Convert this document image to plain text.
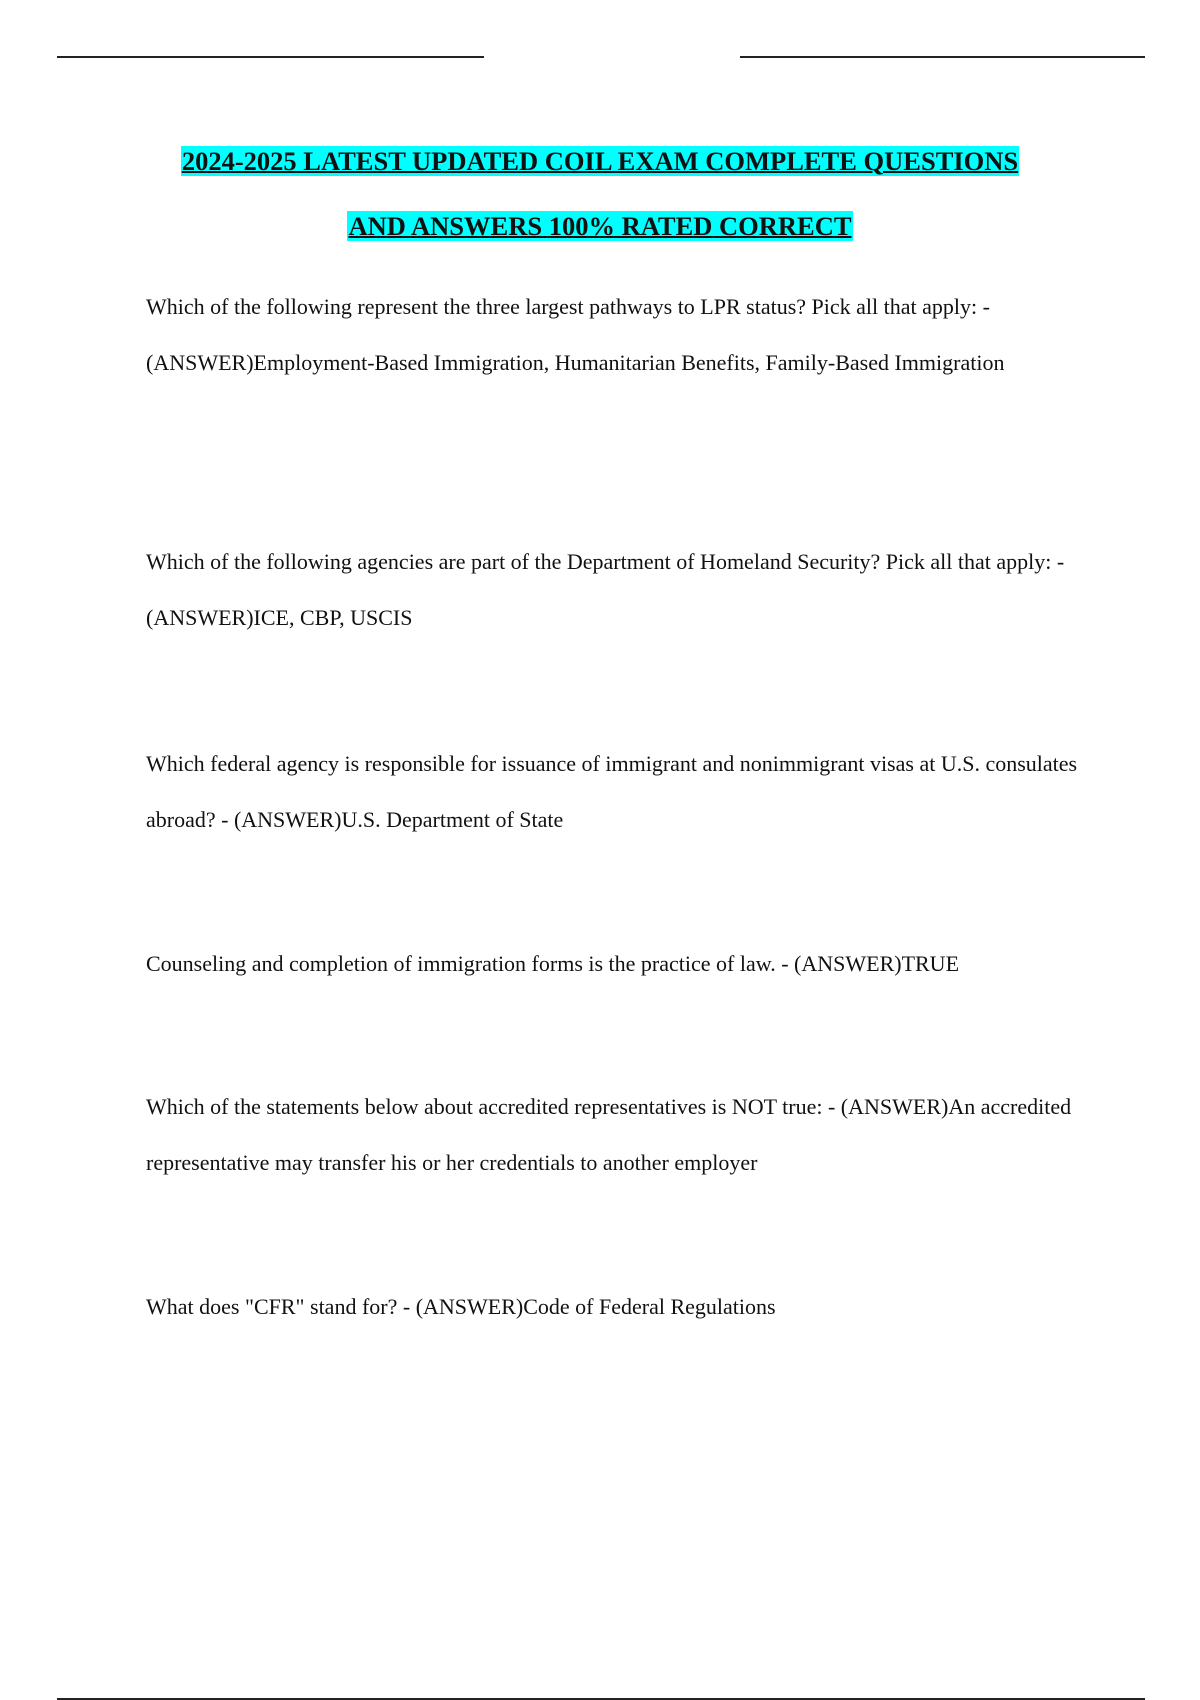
2024-2025 LATEST UPDATED COIL EXAM COMPLETE QUESTIONS
AND ANSWERS 100% RATED CORRECT
Which of the following represent the three largest pathways to LPR status? Pick all that apply: - (ANSWER)Employment-Based Immigration, Humanitarian Benefits, Family-Based Immigration
Which of the following agencies are part of the Department of Homeland Security? Pick all that apply: - (ANSWER)ICE, CBP, USCIS
Which federal agency is responsible for issuance of immigrant and nonimmigrant visas at U.S. consulates abroad? - (ANSWER)U.S. Department of State
Counseling and completion of immigration forms is the practice of law. - (ANSWER)TRUE
Which of the statements below about accredited representatives is NOT true: - (ANSWER)An accredited representative may transfer his or her credentials to another employer
What does "CFR" stand for? - (ANSWER)Code of Federal Regulations
